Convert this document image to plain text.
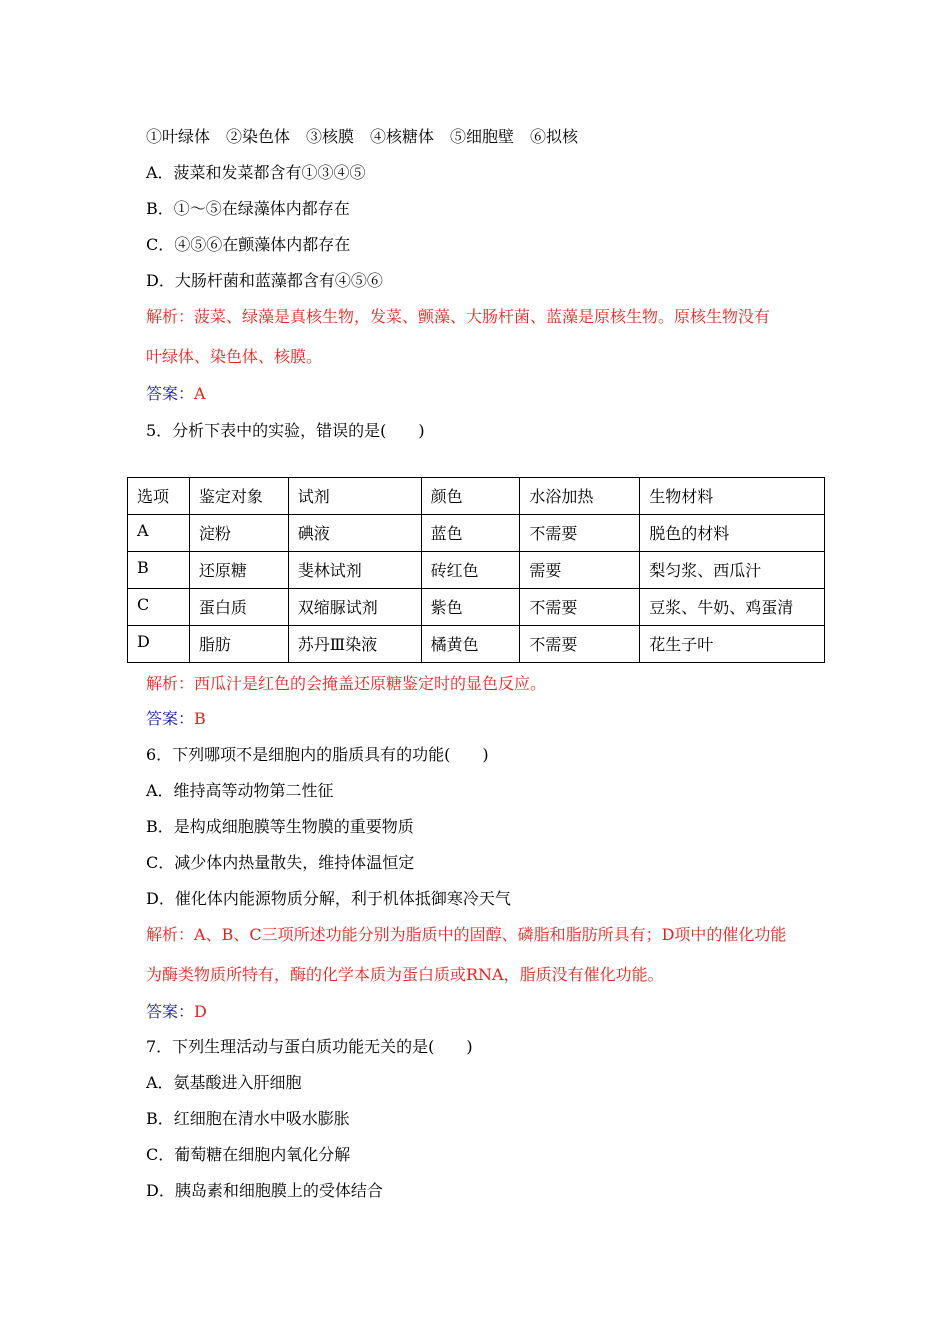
①叶绿体　②染色体　③核膜　④核糖体　⑤细胞壁　⑥拟核
A．菠菜和发菜都含有①③④⑤
B．①～⑤在绿藻体内都存在
C．④⑤⑥在颤藻体内都存在
D．大肠杆菌和蓝藻都含有④⑤⑥
解析：菠菜、绿藻是真核生物，发菜、颤藻、大肠杆菌、蓝藻是原核生物。原核生物没有
叶绿体、染色体、核膜。
答案：A
5．分析下表中的实验，错误的是(　　)
选项	鉴定对象	试剂	颜色	水浴加热	生物材料
A	淀粉	碘液	蓝色	不需要	脱色的材料
B	还原糖	斐林试剂	砖红色	需要	梨匀浆、西瓜汁
C	蛋白质	双缩脲试剂	紫色	不需要	豆浆、牛奶、鸡蛋清
D	脂肪	苏丹Ⅲ染液	橘黄色	不需要	花生子叶
解析：西瓜汁是红色的会掩盖还原糖鉴定时的显色反应。
答案：B
6．下列哪项不是细胞内的脂质具有的功能(　　)
A．维持高等动物第二性征
B．是构成细胞膜等生物膜的重要物质
C．减少体内热量散失，维持体温恒定
D．催化体内能源物质分解，利于机体抵御寒冷天气
解析：A、B、C三项所述功能分别为脂质中的固醇、磷脂和脂肪所具有；D项中的催化功能
为酶类物质所特有，酶的化学本质为蛋白质或RNA，脂质没有催化功能。
答案：D
7．下列生理活动与蛋白质功能无关的是(　　)
A．氨基酸进入肝细胞
B．红细胞在清水中吸水膨胀
C．葡萄糖在细胞内氧化分解
D．胰岛素和细胞膜上的受体结合
